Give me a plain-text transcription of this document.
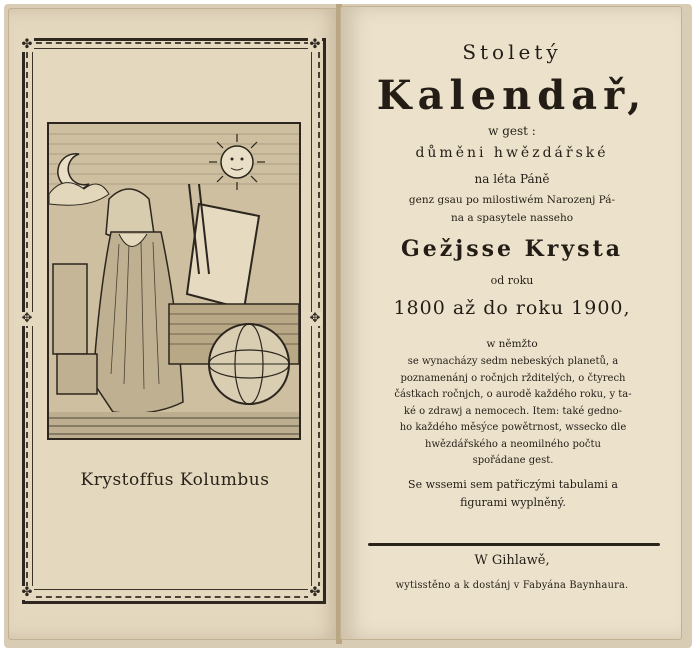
✤	✤
✤	✤
✥	✥
Krystoffus Kolumbus
Stoletý
Kalendař,
w gest :
důměni hwězdářské
na léta Páně
genz gsau po milostiwém Narozenj Pá-
na a spasytele nasseho
Gežjsse Krysta
od roku
1800 až do roku 1900,
w němžto
se wynacházy sedm nebeských planetů, a
poznamenánj o ročnjch ržditelých, o čtyrech
částkach ročnjch, o aurodě každého roku, y ta-
ké o zdrawj a nemocech. Item: také gedno-
ho každého měsýce powětrnost, wsseckо dle
hwězdářského a neomilného počtu
spořádane gest.
Se wssemi sem patřiczými tabulami a
figurami wyplněný.
W Gihlawě,
wytisstěno a k dostánj v Fabyána Baynhaura.
